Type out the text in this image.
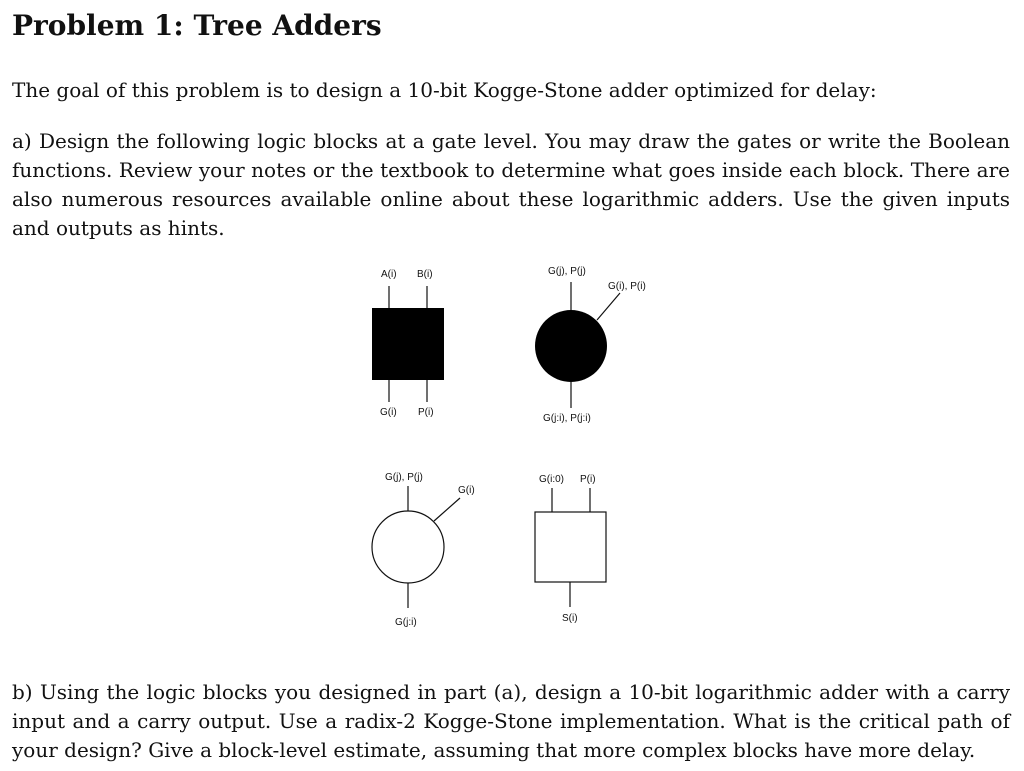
Problem 1: Tree Adders

The goal of this problem is to design a 10-bit Kogge-Stone adder optimized for delay:

a) Design the following logic blocks at a gate level. You may draw the gates or write the Boolean functions. Review your notes or the textbook to determine what goes inside each block. There are also numerous resources available online about these logarithmic adders. Use the given inputs and outputs as hints.

A(i) B(i)
G(i) P(i)
G(j), P(j)
G(i), P(i)
G(j:i), P(j:i)
G(j), P(j)
G(i)
G(j:i)
G(i:0) P(i)
S(i)

b) Using the logic blocks you designed in part (a), design a 10-bit logarithmic adder with a carry input and a carry output. Use a radix-2 Kogge-Stone implementation. What is the critical path of your design? Give a block-level estimate, assuming that more complex blocks have more delay.
